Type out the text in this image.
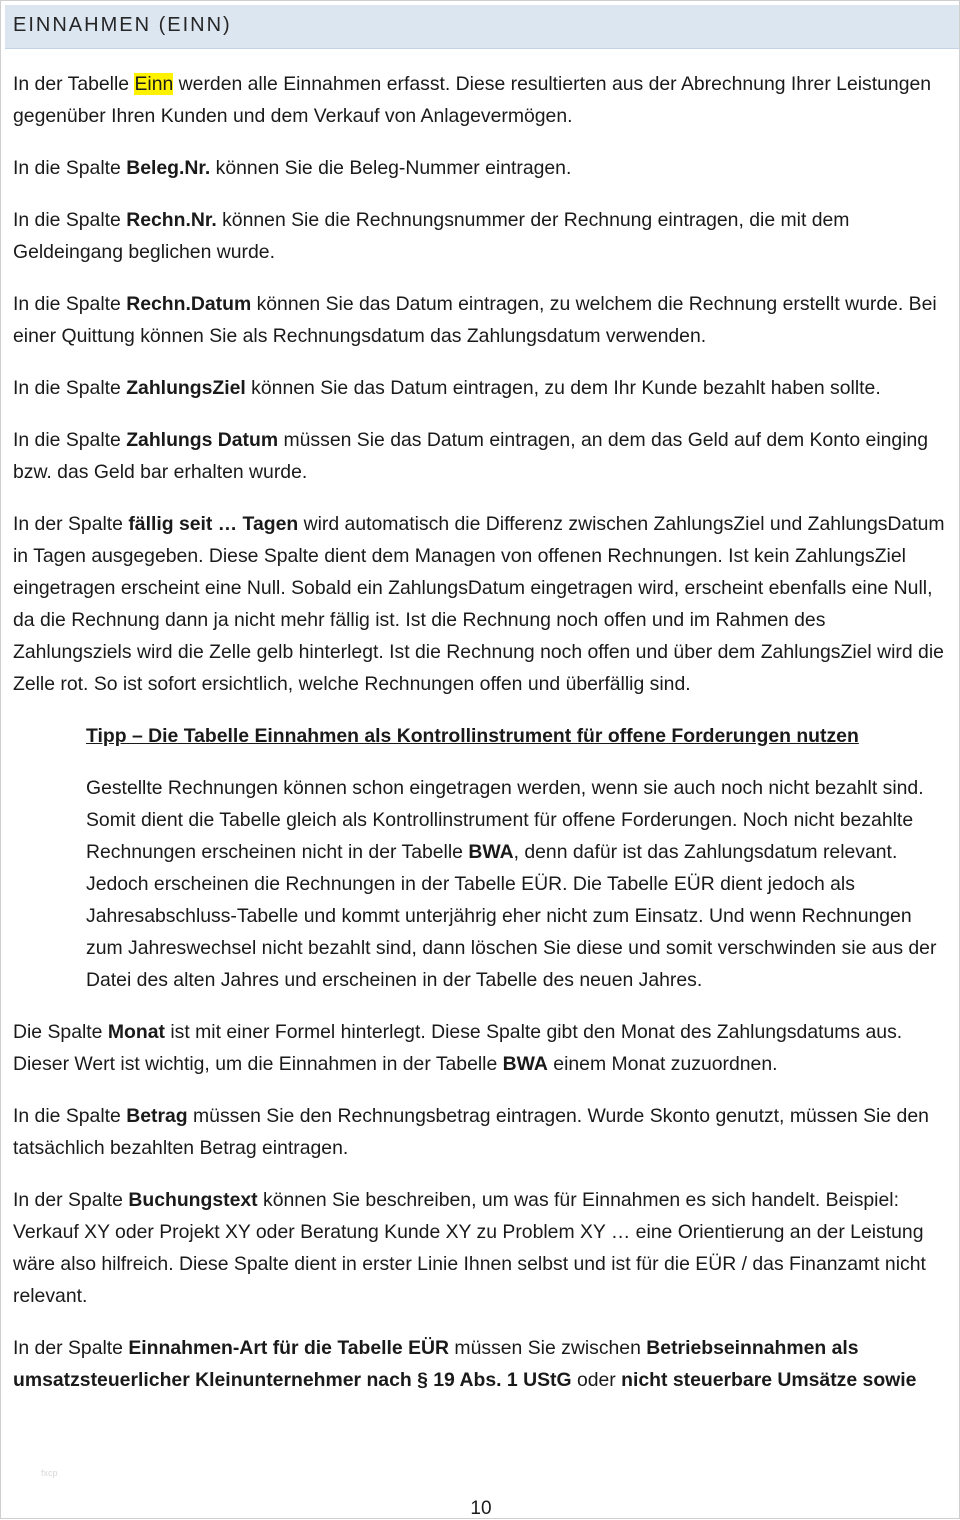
EINNAHMEN (EINN)

In der Tabelle Einn werden alle Einnahmen erfasst. Diese resultierten aus der Abrechnung Ihrer Leistungen gegenüber Ihren Kunden und dem Verkauf von Anlagevermögen.

In die Spalte Beleg.Nr. können Sie die Beleg-Nummer eintragen.

In die Spalte Rechn.Nr. können Sie die Rechnungsnummer der Rechnung eintragen, die mit dem Geldeingang beglichen wurde.

In die Spalte Rechn.Datum können Sie das Datum eintragen, zu welchem die Rechnung erstellt wurde. Bei einer Quittung können Sie als Rechnungsdatum das Zahlungsdatum verwenden.

In die Spalte ZahlungsZiel können Sie das Datum eintragen, zu dem Ihr Kunde bezahlt haben sollte.

In die Spalte Zahlungs Datum müssen Sie das Datum eintragen, an dem das Geld auf dem Konto einging bzw. das Geld bar erhalten wurde.

In der Spalte fällig seit … Tagen wird automatisch die Differenz zwischen ZahlungsZiel und ZahlungsDatum in Tagen ausgegeben. Diese Spalte dient dem Managen von offenen Rechnungen. Ist kein ZahlungsZiel eingetragen erscheint eine Null. Sobald ein ZahlungsDatum eingetragen wird, erscheint ebenfalls eine Null, da die Rechnung dann ja nicht mehr fällig ist. Ist die Rechnung noch offen und im Rahmen des Zahlungsziels wird die Zelle gelb hinterlegt. Ist die Rechnung noch offen und über dem ZahlungsZiel wird die Zelle rot. So ist sofort ersichtlich, welche Rechnungen offen und überfällig sind.

Tipp – Die Tabelle Einnahmen als Kontrollinstrument für offene Forderungen nutzen

Gestellte Rechnungen können schon eingetragen werden, wenn sie auch noch nicht bezahlt sind. Somit dient die Tabelle gleich als Kontrollinstrument für offene Forderungen. Noch nicht bezahlte Rechnungen erscheinen nicht in der Tabelle BWA, denn dafür ist das Zahlungsdatum relevant. Jedoch erscheinen die Rechnungen in der Tabelle EÜR. Die Tabelle EÜR dient jedoch als Jahresabschluss-Tabelle und kommt unterjährig eher nicht zum Einsatz. Und wenn Rechnungen zum Jahreswechsel nicht bezahlt sind, dann löschen Sie diese und somit verschwinden sie aus der Datei des alten Jahres und erscheinen in der Tabelle des neuen Jahres.

Die Spalte Monat ist mit einer Formel hinterlegt. Diese Spalte gibt den Monat des Zahlungsdatums aus. Dieser Wert ist wichtig, um die Einnahmen in der Tabelle BWA einem Monat zuzuordnen.

In die Spalte Betrag müssen Sie den Rechnungsbetrag eintragen. Wurde Skonto genutzt, müssen Sie den tatsächlich bezahlten Betrag eintragen.

In der Spalte Buchungstext können Sie beschreiben, um was für Einnahmen es sich handelt. Beispiel: Verkauf XY oder Projekt XY oder Beratung Kunde XY zu Problem XY … eine Orientierung an der Leistung wäre also hilfreich. Diese Spalte dient in erster Linie Ihnen selbst und ist für die EÜR / das Finanzamt nicht relevant.

In der Spalte Einnahmen-Art für die Tabelle EÜR müssen Sie zwischen Betriebseinnahmen als umsatzsteuerlicher Kleinunternehmer nach § 19 Abs. 1 UStG oder nicht steuerbare Umsätze sowie

fxcp
10
